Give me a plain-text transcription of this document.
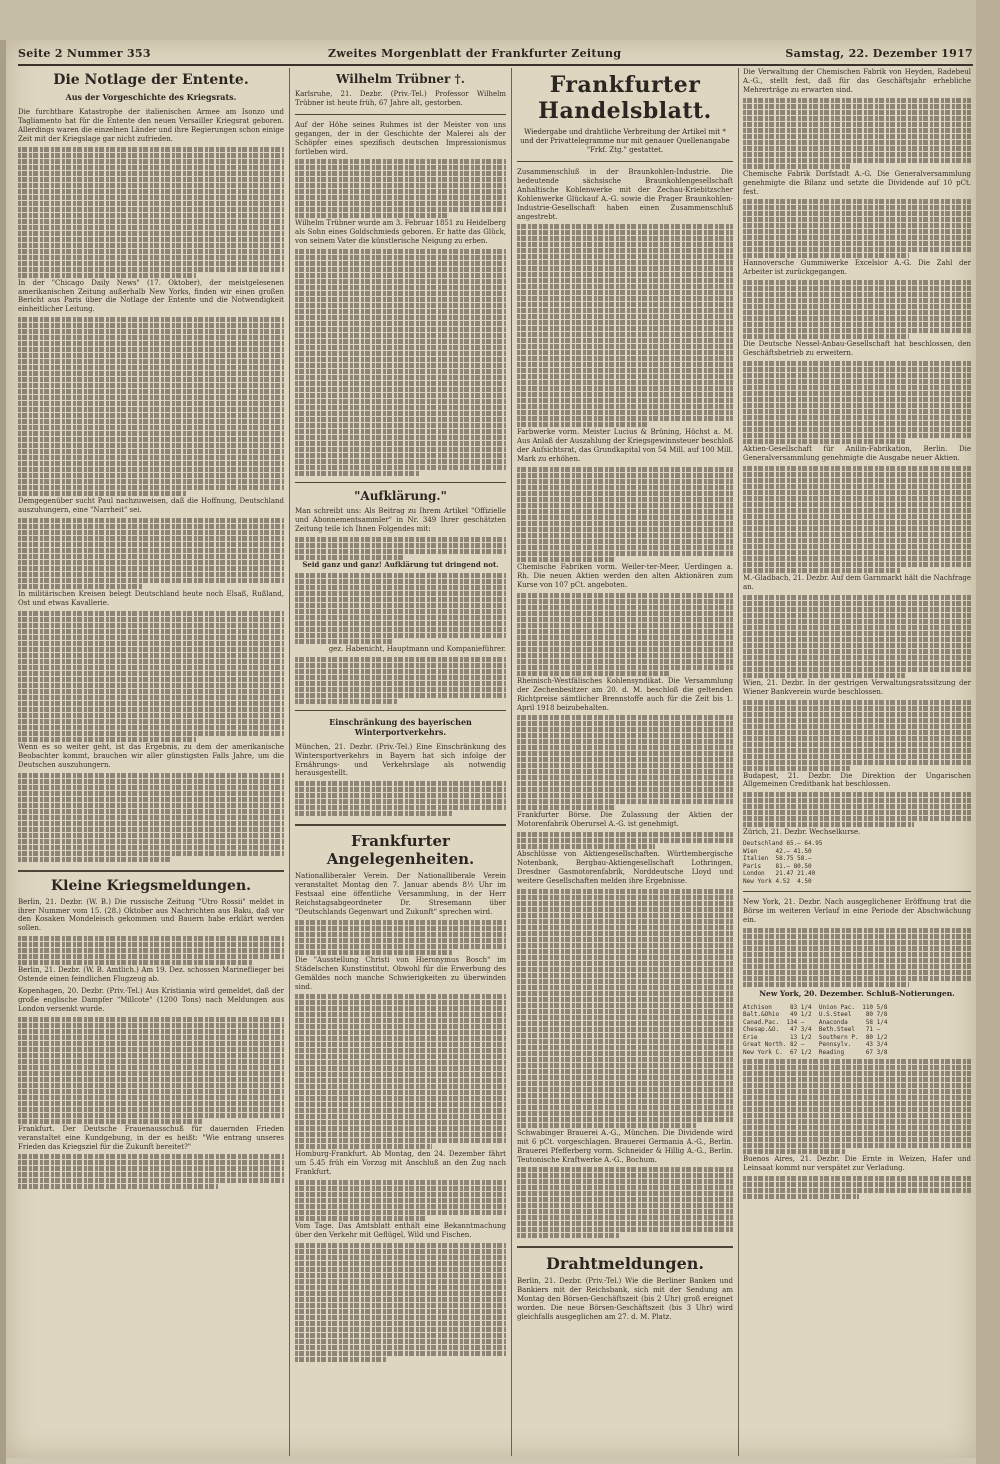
Seite 2 Nummer 353	Zweites Morgenblatt der Frankfurter Zeitung	Samstag, 22. Dezember 1917
Die Notlage der Entente.
Aus der Vorgeschichte des Kriegsrats.

Die furchtbare Katastrophe der italienischen Armee am Isonzo und Tagliamento hat für die Entente den neuen Versailler Kriegsrat geboren. Allerdings waren die einzelnen Länder und ihre Regierungen schon einige Zeit mit der Kriegslage gar nicht zufrieden.

In der "Chicago Daily News" (17. Oktober), der meistgelesenen amerikanischen Zeitung außerhalb New Yorks, finden wir einen großen Bericht aus Paris über die Notlage der Entente und die Notwendigkeit einheitlicher Leitung.

Demgegenüber sucht Paul nachzuweisen, daß die Hoffnung, Deutschland auszuhungern, eine "Narrheit" sei.

In militärischen Kreisen belegt Deutschland heute noch Elsaß, Rußland, Ost und etwas Kavallerie.

Wenn es so weiter geht, ist das Ergebnis, zu dem der amerikanische Beobachter kommt, brauchen wir aller günstigsten Falls Jahre, um die Deutschen auszuhungern.

Kleine Kriegsmeldungen.

Berlin, 21. Dezbr. (W. B.) Die russische Zeitung "Utro Rossii" meldet in ihrer Nummer vom 15. (28.) Oktober aus Nachrichten aus Baku, daß vor den Kosaken Mondeleisch gekommen und Bauern habe erklärt werden sollen.

Berlin, 21. Dezbr. (W. B. Amtlich.) Am 19. Dez. schossen Marineflieger bei Ostende einen feindlichen Flugzeug ab.

Kopenhagen, 20. Dezbr. (Priv.-Tel.) Aus Kristiania wird gemeldet, daß der große englische Dampfer "Millcote" (1200 Tons) nach Meldungen aus London versenkt wurde.

Frankfurt. Der Deutsche Frauenausschuß für dauernden Frieden veranstaltet eine Kundgebung, in der es heißt: "Wie entrang unseres Frieden das Kriegsziel für die Zukunft bereitet?"

Wilhelm Trübner †.

Karlsruhe, 21. Dezbr. (Priv.-Tel.) Professor Wilhelm Trübner ist heute früh, 67 Jahre alt, gestorben.

Auf der Höhe seines Ruhmes ist der Meister von uns gegangen, der in der Geschichte der Malerei als der Schöpfer eines spezifisch deutschen Impressionismus fortleben wird.

Wilhelm Trübner wurde am 3. Februar 1851 zu Heidelberg als Sohn eines Goldschmieds geboren. Er hatte das Glück, von seinem Vater die künstlerische Neigung zu erben.

"Aufklärung."

Man schreibt uns: Als Beitrag zu Ihrem Artikel "Offizielle und Abonnementsammler" in Nr. 349 Ihrer geschätzten Zeitung teile ich Ihnen Folgendes mit:

Seid ganz und ganz! Aufklärung tut dringend not.

gez. Habenicht, Hauptmann und Kompanieführer.

Einschränkung des bayerischen Winterportverkehrs.

München, 21. Dezbr. (Priv.-Tel.) Eine Einschränkung des Wintersportverkehrs in Bayern hat sich infolge der Ernährungs- und Verkehrslage als notwendig herausgestellt.

Frankfurter Angelegenheiten.

Nationalliberaler Verein. Der Nationalliberale Verein veranstaltet Montag den 7. Januar abends 8½ Uhr im Festsaal eine öffentliche Versammlung, in der Herr Reichstagsabgeordneter Dr. Stresemann über "Deutschlands Gegenwart und Zukunft" sprechen wird.

Die "Ausstellung Christi von Hieronymus Bosch" im Städelschen Kunstinstitut. Obwohl für die Erwerbung des Gemäldes noch manche Schwierigkeiten zu überwinden sind.

Homburg-Frankfurt. Ab Montag, den 24. Dezember fährt um 5.45 früh ein Vorzug mit Anschluß an den Zug nach Frankfurt.

Vom Tage. Das Amtsblatt enthält eine Bekanntmachung über den Verkehr mit Geflügel, Wild und Fischen.

Frankfurter Handelsblatt.
Wiedergabe und drahtliche Verbreitung der Artikel mit * und der Privattelegramme nur mit genauer Quellenangabe "Frkf. Ztg." gestattet.

Zusammenschluß in der Braunkohlen-Industrie. Die bedeutende sächsische Braunkohlengesellschaft Anhaltische Kohlenwerke mit der Zechau-Kriebitzscher Kohlenwerke Glückauf A.-G. sowie die Prager Braunkohlen-Industrie-Gesellschaft haben einen Zusammenschluß angestrebt.

Farbwerke vorm. Meister Lucius & Brüning, Höchst a. M. Aus Anlaß der Auszahlung der Kriegsgewinnsteuer beschloß der Aufsichtsrat, das Grundkapital von 54 Mill. auf 100 Mill. Mark zu erhöhen.

Chemische Fabriken vorm. Weiler-ter-Meer, Uerdingen a. Rh. Die neuen Aktien werden den alten Aktionären zum Kurse von 107 pCt. angeboten.

Rheinisch-Westfälisches Kohlensyndikat. Die Versammlung der Zechenbesitzer am 20. d. M. beschloß die geltenden Richtpreise sämtlicher Brennstoffe auch für die Zeit bis 1. April 1918 beizubehalten.

Frankfurter Börse. Die Zulassung der Aktien der Motorenfabrik Oberursel A.-G. ist genehmigt.

Abschlüsse von Aktiengesellschaften. Württembergische Notenbank, Bergbau-Aktiengesellschaft Lothringen, Dresdner Gasmotorenfabrik, Norddeutsche Lloyd und weitere Gesellschaften melden ihre Ergebnisse.

Schwabinger Brauerei A.-G., München. Die Dividende wird mit 6 pCt. vorgeschlagen. Brauerei Germania A.-G., Berlin. Brauerei Pfefferberg vorm. Schneider & Hillig A.-G., Berlin. Teutonische Kraftwerke A.-G., Bochum.

Drahtmeldungen.

Berlin, 21. Dezbr. (Priv.-Tel.) Wie die Berliner Banken und Bankiers mit der Reichsbank, sich mit der Sendung am Montag den Börsen-Geschäftszeit (bis 2 Uhr) groß ereignet worden. Die neue Börsen-Geschäftszeit (bis 3 Uhr) wird gleichfalls ausgeglichen am 27. d. M. Platz.

Die Verwaltung der Chemischen Fabrik von Heyden, Radebeul A.-G., stellt fest, daß für das Geschäftsjahr erhebliche Mehrerträge zu erwarten sind.

Chemische Fabrik Dorfstadt A.-G. Die Generalversammlung genehmigte die Bilanz und setzte die Dividende auf 10 pCt. fest.

Hannoversche Gummiwerke Excelsior A.-G. Die Zahl der Arbeiter ist zurückgegangen.

Die Deutsche Nessel-Anbau-Gesellschaft hat beschlossen, den Geschäftsbetrieb zu erweitern.

Aktien-Gesellschaft für Anilin-Fabrikation, Berlin. Die Generalversammlung genehmigte die Ausgabe neuer Aktien.

M.-Gladbach, 21. Dezbr. Auf dem Garnmarkt hält die Nachfrage an.

Wien, 21. Dezbr. In der gestrigen Verwaltungsratssitzung der Wiener Bankverein wurde beschlossen.

Budapest, 21. Dezbr. Die Direktion der Ungarischen Allgemeinen Creditbank hat beschlossen.

Zürich, 21. Dezbr. Wechselkurse.

Deutschland 65.— 64.95
Wien     42.— 41.50
Italien  58.75 58.—
Paris    81.— 80.50
London   21.47 21.40
New York 4.52  4.50

New York, 21. Dezbr. Nach ausgeglichener Eröffnung trat die Börse im weiteren Verlauf in eine Periode der Abschwächung ein.

New York, 20. Dezember. Schluß-Notierungen.
Atchison     83 1/4  Union Pac.  110 5/8
Balt.&Ohio   49 1/2  U.S.Steel    80 7/8
Canad.Pac.  134 —    Anaconda     58 1/4
Chesap.&O.   47 3/4  Beth.Steel   71 —
Erie         13 1/2  Southern P.  80 1/2
Great North. 82 —    Pennsylv.    43 3/4
New York C.  67 1/2  Reading      67 3/8

Buenos Aires, 21. Dezbr. Die Ernte in Weizen, Hafer und Leinsaat kommt nur verspätet zur Verladung.
